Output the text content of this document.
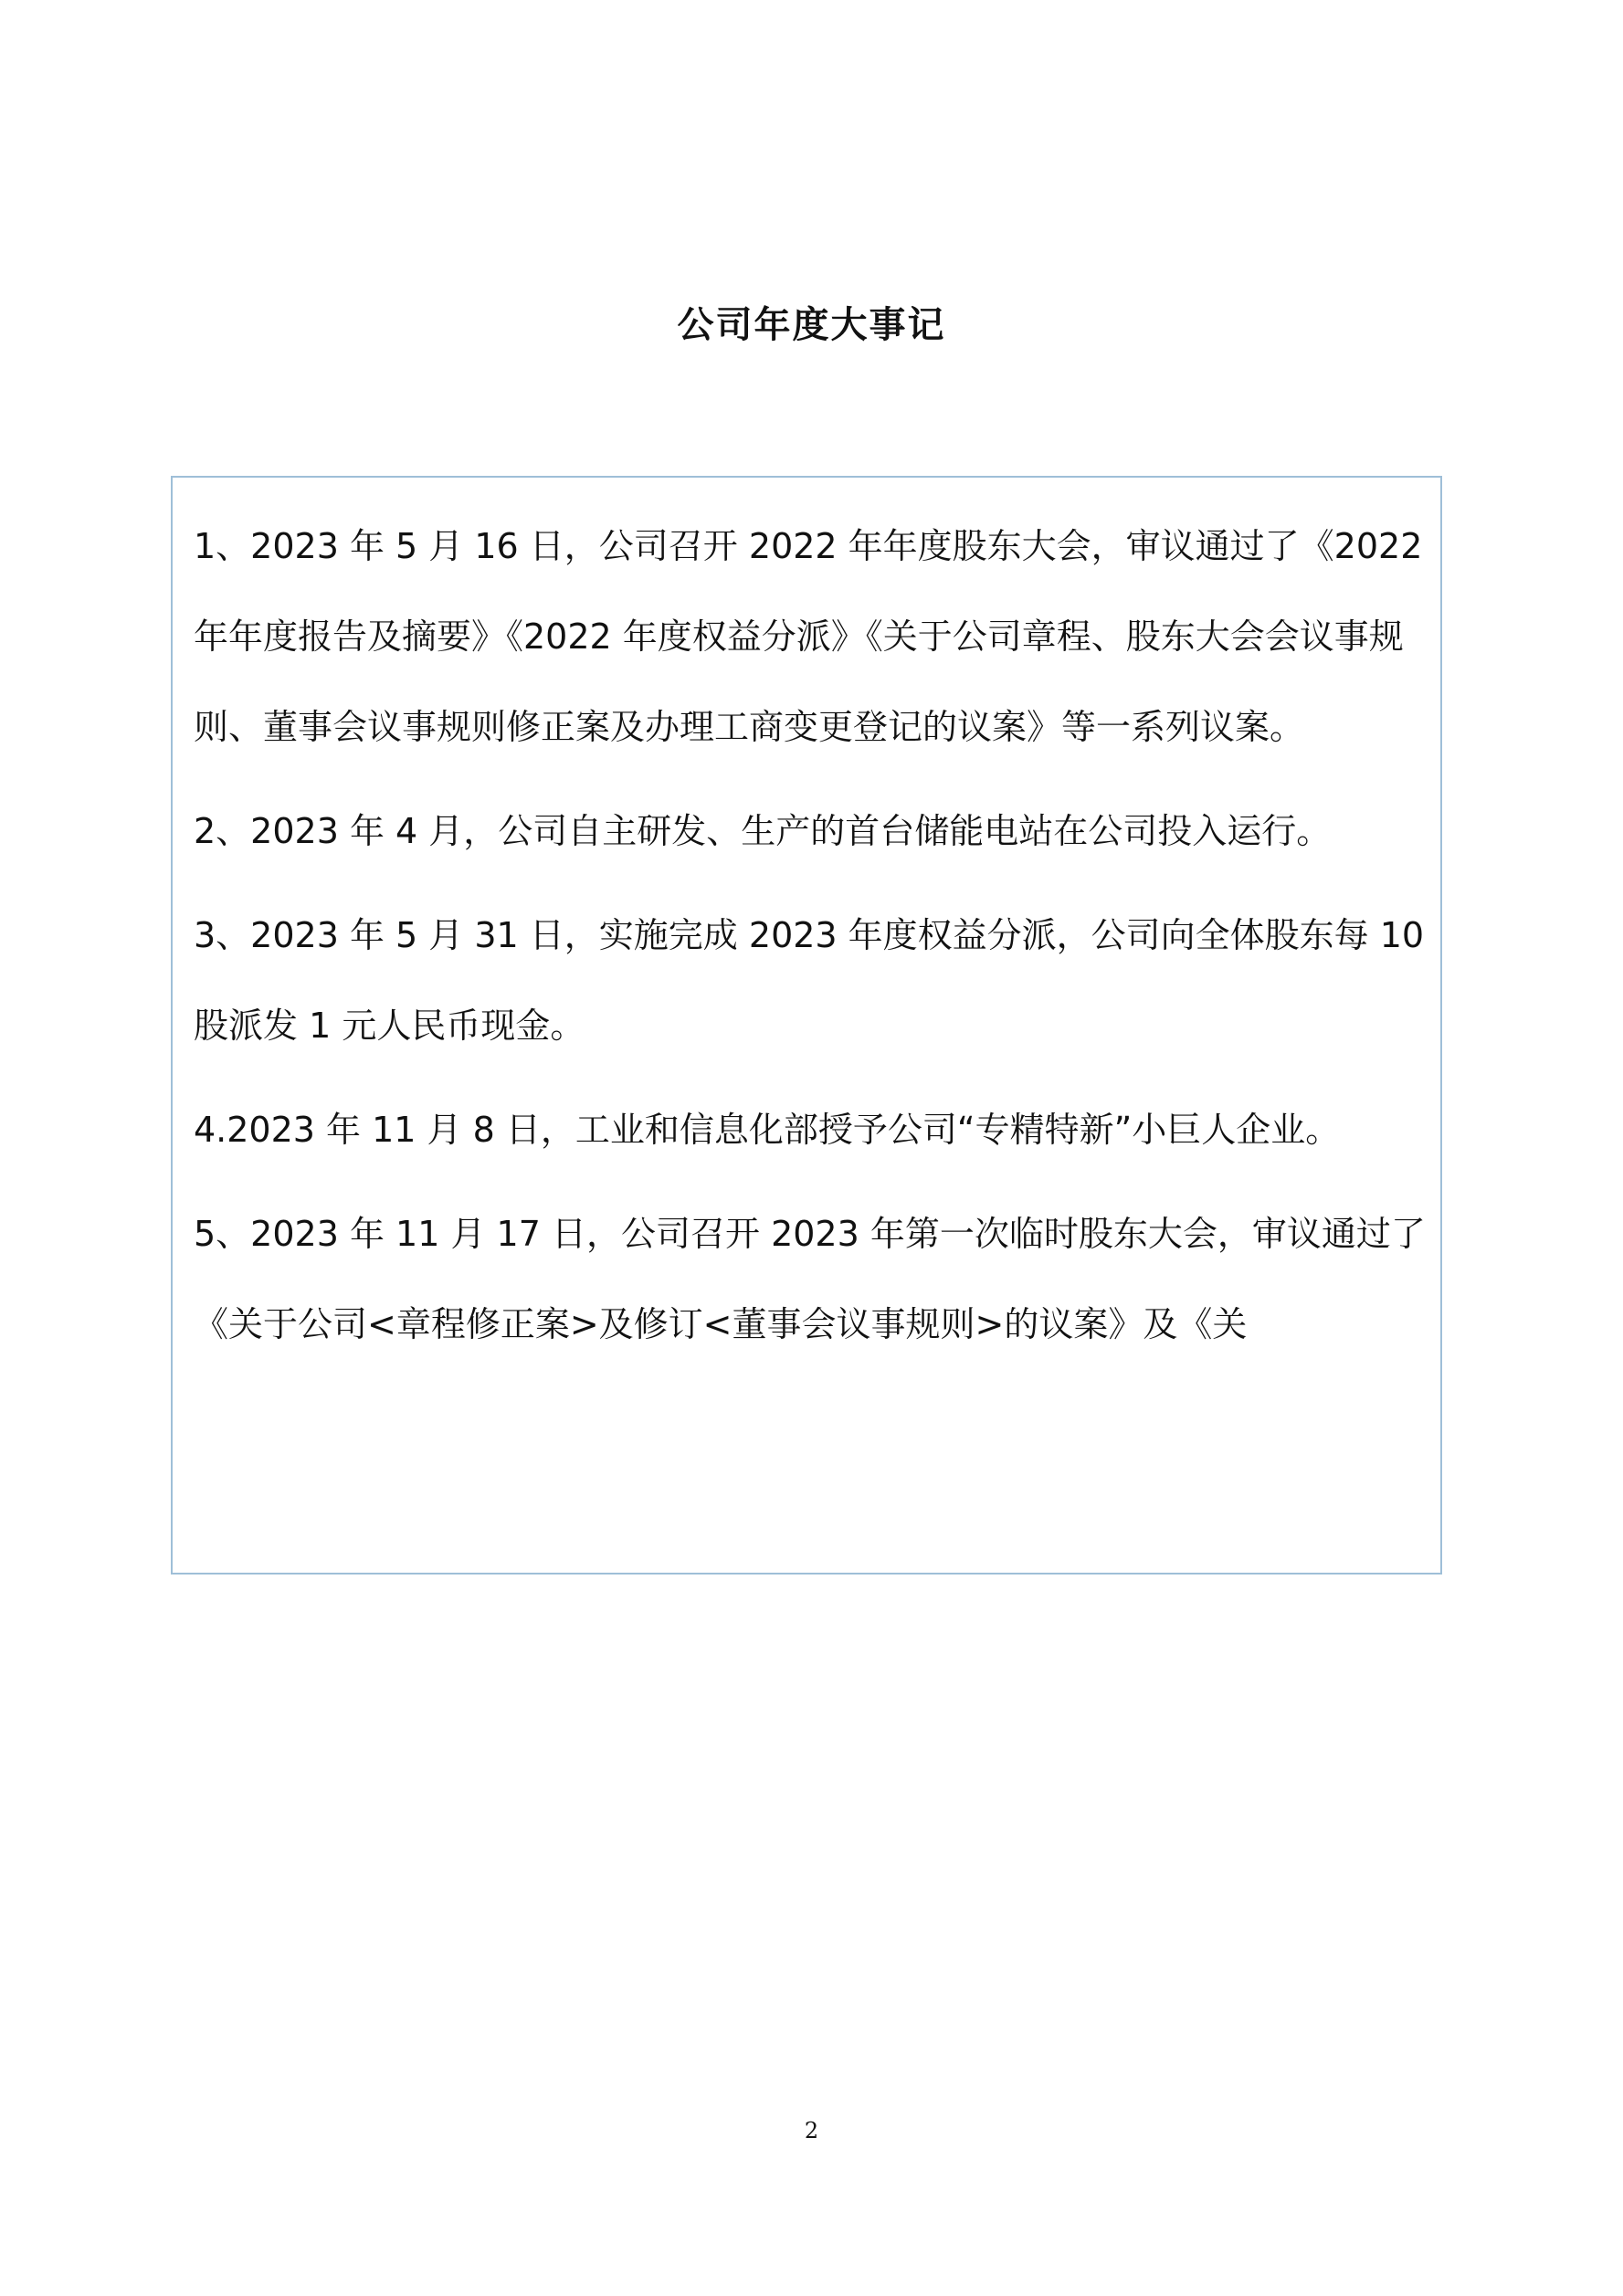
公司年度大事记
1、2023 年 5 月 16 日，公司召开 2022 年年度股东大会，审议通过了《2022 年年度报告及摘要》《2022 年度权益分派》《关于公司章程、股东大会会议事规则、董事会议事规则修正案及办理工商变更登记的议案》等一系列议案。
2、2023 年 4 月，公司自主研发、生产的首台储能电站在公司投入运行。
3、2023 年 5 月 31 日，实施完成 2023 年度权益分派，公司向全体股东每 10 股派发 1 元人民币现金。
4.2023 年 11 月 8 日，工业和信息化部授予公司“专精特新”小巨人企业。
5、2023 年 11 月 17 日，公司召开 2023 年第一次临时股东大会，审议通过了《关于公司<章程修正案>及修订<董事会议事规则>的议案》及《关
2
